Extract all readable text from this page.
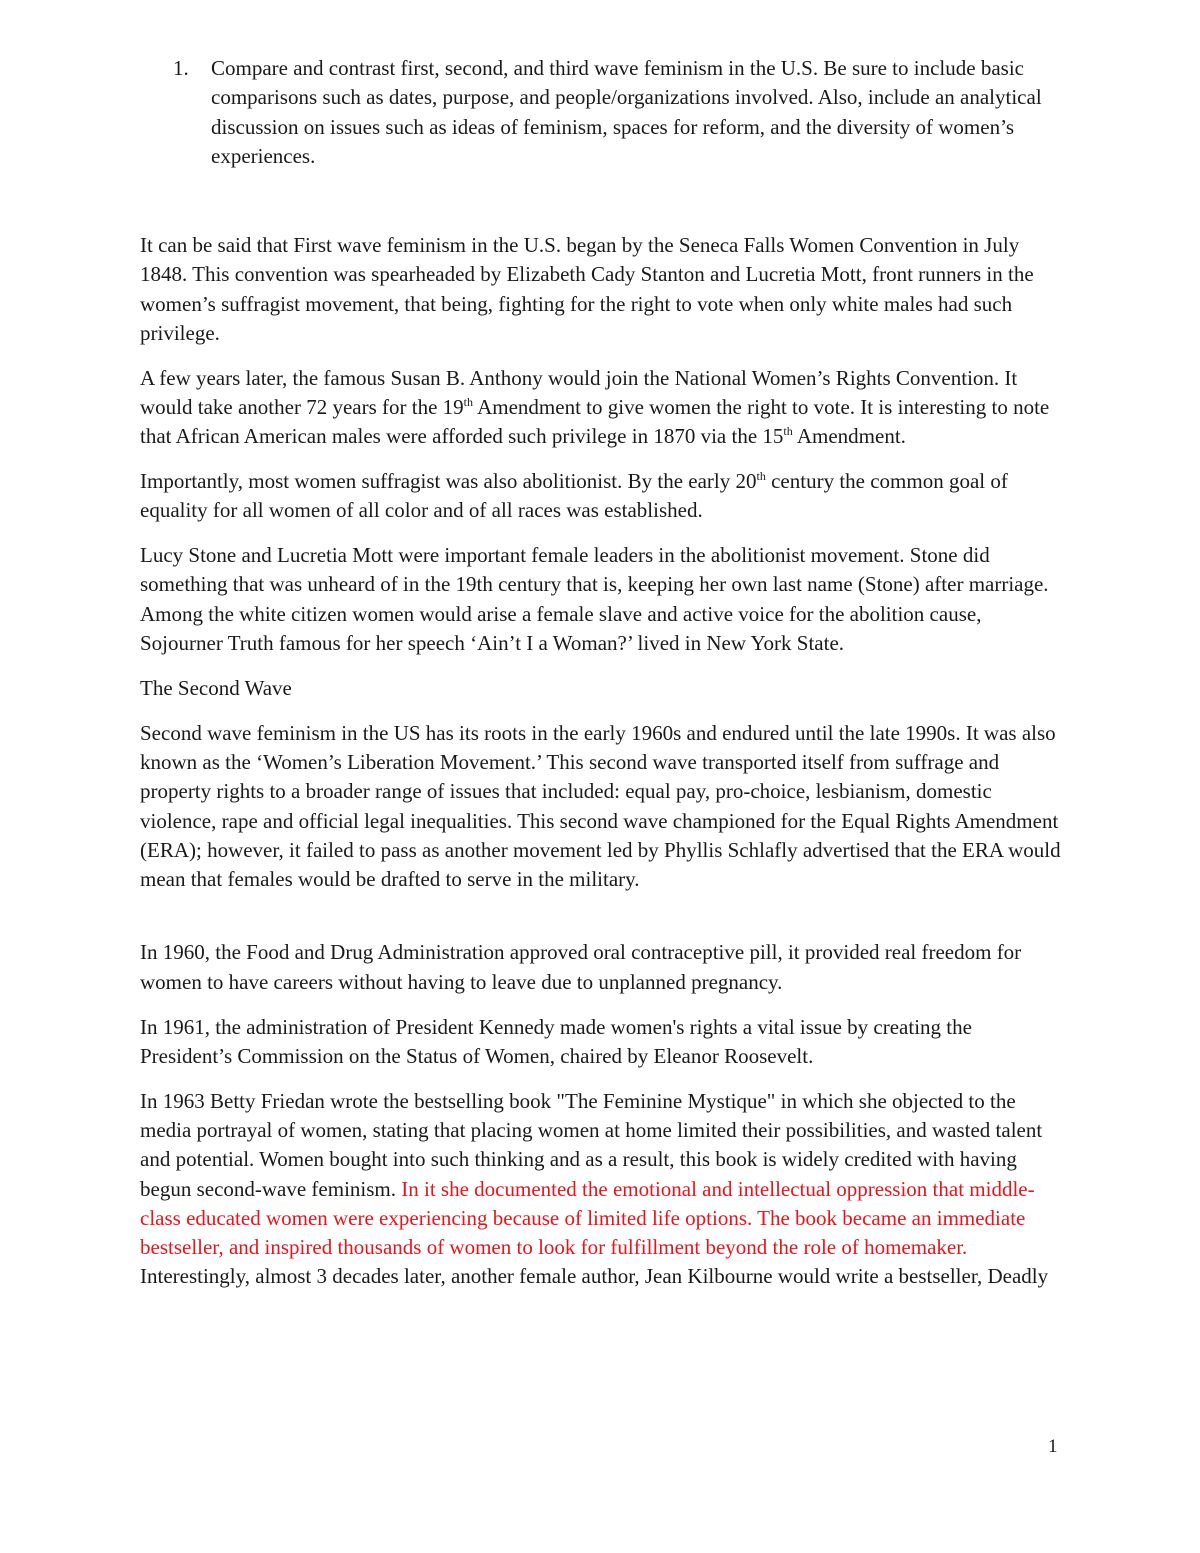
1.	Compare and contrast first, second, and third wave feminism in the U.S. Be sure to include basic comparisons such as dates, purpose, and people/organizations involved. Also, include an analytical discussion on issues such as ideas of feminism, spaces for reform, and the diversity of women’s experiences.

It can be said that First wave feminism in the U.S. began by the Seneca Falls Women Convention in July 1848. This convention was spearheaded by Elizabeth Cady Stanton and Lucretia Mott, front runners in the women’s suffragist movement, that being, fighting for the right to vote when only white males had such privilege.

A few years later, the famous Susan B. Anthony would join the National Women’s Rights Convention. It would take another 72 years for the 19th Amendment to give women the right to vote. It is interesting to note that African American males were afforded such privilege in 1870 via the 15th Amendment.

Importantly, most women suffragist was also abolitionist. By the early 20th century the common goal of equality for all women of all color and of all races was established.

Lucy Stone and Lucretia Mott were important female leaders in the abolitionist movement. Stone did something that was unheard of in the 19th century that is, keeping her own last name (Stone) after marriage. Among the white citizen women would arise a female slave and active voice for the abolition cause, Sojourner Truth famous for her speech ‘Ain’t I a Woman?’ lived in New York State.

The Second Wave

Second wave feminism in the US has its roots in the early 1960s and endured until the late 1990s. It was also known as the ‘Women’s Liberation Movement.’ This second wave transported itself from suffrage and property rights to a broader range of issues that included: equal pay, pro-choice, lesbianism, domestic violence, rape and official legal inequalities. This second wave championed for the Equal Rights Amendment (ERA); however, it failed to pass as another movement led by Phyllis Schlafly advertised that the ERA would mean that females would be drafted to serve in the military.

In 1960, the Food and Drug Administration approved oral contraceptive pill, it provided real freedom for women to have careers without having to leave due to unplanned pregnancy.

In 1961, the administration of President Kennedy made women's rights a vital issue by creating the President’s Commission on the Status of Women, chaired by Eleanor Roosevelt.

In 1963 Betty Friedan wrote the bestselling book "The Feminine Mystique" in which she objected to the media portrayal of women, stating that placing women at home limited their possibilities, and wasted talent and potential. Women bought into such thinking and as a result, this book is widely credited with having begun second-wave feminism. In it she documented the emotional and intellectual oppression that middle-class educated women were experiencing because of limited life options. The book became an immediate bestseller, and inspired thousands of women to look for fulfillment beyond the role of homemaker. Interestingly, almost 3 decades later, another female author, Jean Kilbourne would write a bestseller, Deadly

1
